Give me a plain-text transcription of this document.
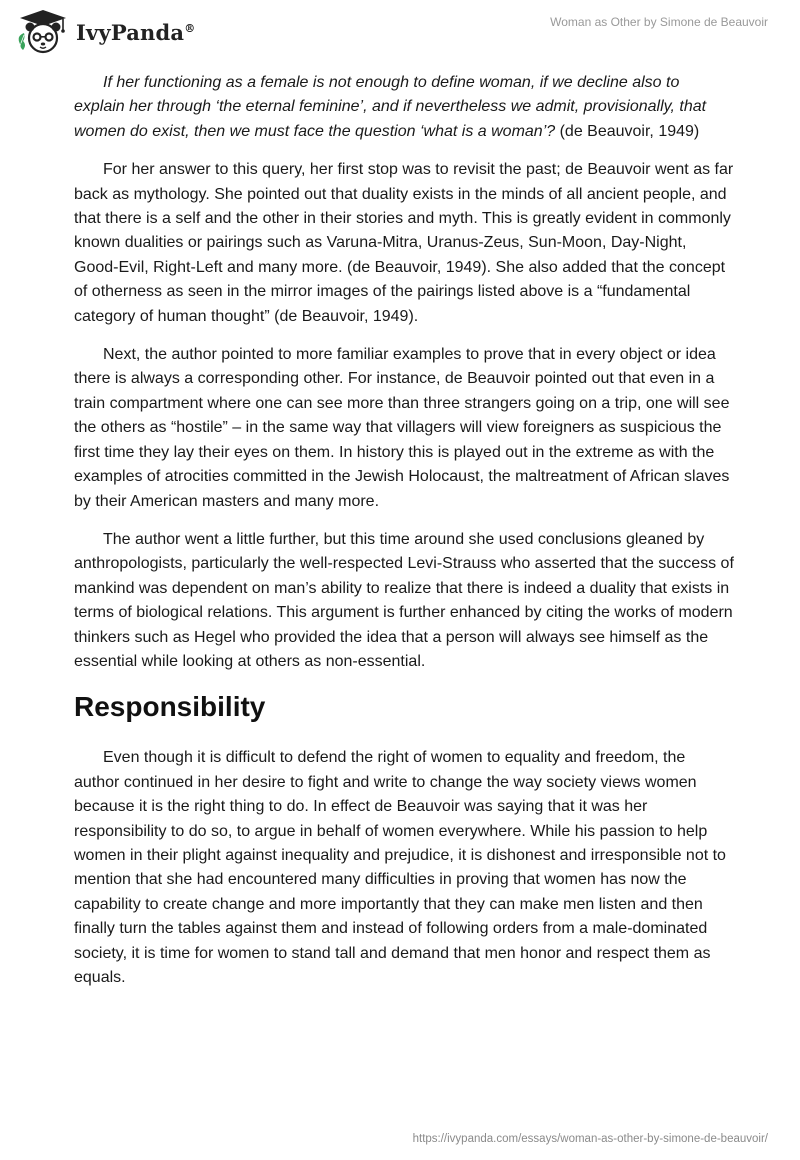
IvyPanda®	Woman as Other by Simone de Beauvoir

If her functioning as a female is not enough to define woman, if we decline also to explain her through ‘the eternal feminine’, and if nevertheless we admit, provisionally, that women do exist, then we must face the question ‘what is a woman’? (de Beauvoir, 1949)

For her answer to this query, her first stop was to revisit the past; de Beauvoir went as far back as mythology. She pointed out that duality exists in the minds of all ancient people, and that there is a self and the other in their stories and myth. This is greatly evident in commonly known dualities or pairings such as Varuna-Mitra, Uranus-Zeus, Sun-Moon, Day-Night, Good-Evil, Right-Left and many more. (de Beauvoir, 1949). She also added that the concept of otherness as seen in the mirror images of the pairings listed above is a “fundamental category of human thought” (de Beauvoir, 1949).

Next, the author pointed to more familiar examples to prove that in every object or idea there is always a corresponding other. For instance, de Beauvoir pointed out that even in a train compartment where one can see more than three strangers going on a trip, one will see the others as “hostile” – in the same way that villagers will view foreigners as suspicious the first time they lay their eyes on them. In history this is played out in the extreme as with the examples of atrocities committed in the Jewish Holocaust, the maltreatment of African slaves by their American masters and many more.

The author went a little further, but this time around she used conclusions gleaned by anthropologists, particularly the well-respected Levi-Strauss who asserted that the success of mankind was dependent on man’s ability to realize that there is indeed a duality that exists in terms of biological relations. This argument is further enhanced by citing the works of modern thinkers such as Hegel who provided the idea that a person will always see himself as the essential while looking at others as non-essential.

Responsibility

Even though it is difficult to defend the right of women to equality and freedom, the author continued in her desire to fight and write to change the way society views women because it is the right thing to do. In effect de Beauvoir was saying that it was her responsibility to do so, to argue in behalf of women everywhere. While his passion to help women in their plight against inequality and prejudice, it is dishonest and irresponsible not to mention that she had encountered many difficulties in proving that women has now the capability to create change and more importantly that they can make men listen and then finally turn the tables against them and instead of following orders from a male-dominated society, it is time for women to stand tall and demand that men honor and respect them as equals.

https://ivypanda.com/essays/woman-as-other-by-simone-de-beauvoir/
